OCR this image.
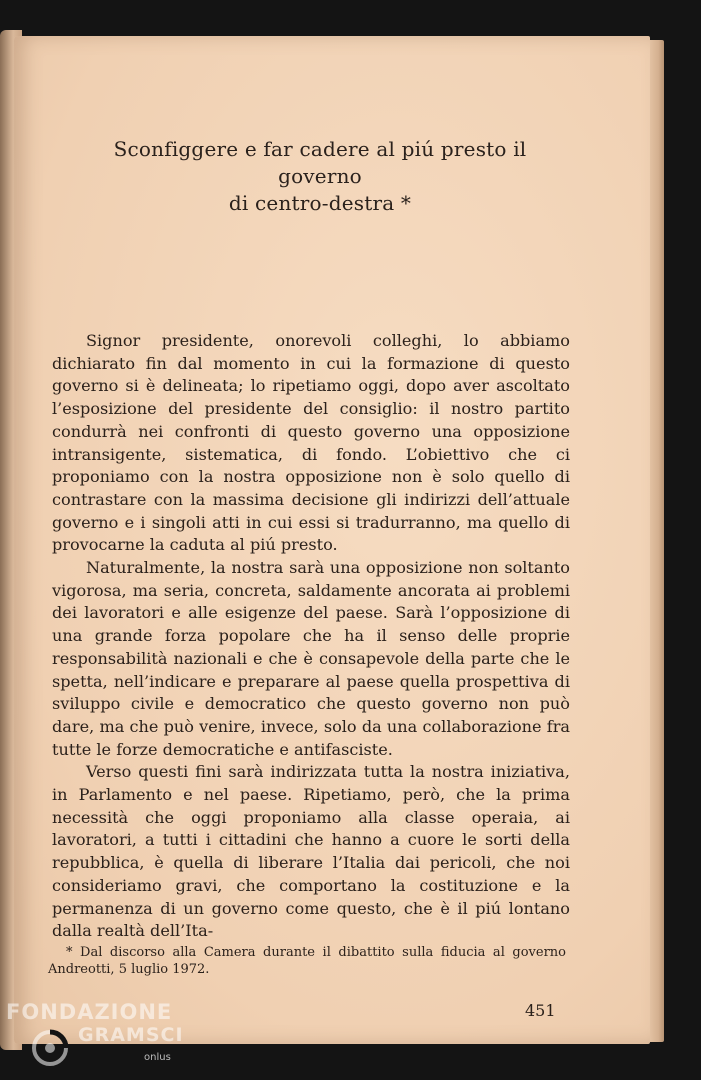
Sconfiggere e far cadere al piú presto il governo
di centro-destra *

Signor presidente, onorevoli colleghi, lo abbiamo dichiarato fin dal momento in cui la formazione di questo governo si è delineata; lo ripetiamo oggi, dopo aver ascoltato l’esposizione del presidente del consiglio: il nostro partito condurrà nei confronti di questo governo una opposizione intransigente, sistematica, di fondo. L’obiettivo che ci proponiamo con la nostra opposizione non è solo quello di contrastare con la massima decisione gli indirizzi dell’attuale governo e i singoli atti in cui essi si tradurranno, ma quello di provocarne la caduta al piú presto.

Naturalmente, la nostra sarà una opposizione non soltanto vigorosa, ma seria, concreta, saldamente ancorata ai problemi dei lavoratori e alle esigenze del paese. Sarà l’opposizione di una grande forza popolare che ha il senso delle proprie responsabilità nazionali e che è consapevole della parte che le spetta, nell’indicare e preparare al paese quella prospettiva di sviluppo civile e democratico che questo governo non può dare, ma che può venire, invece, solo da una collaborazione fra tutte le forze democratiche e antifasciste.

Verso questi fini sarà indirizzata tutta la nostra iniziativa, in Parlamento e nel paese. Ripetiamo, però, che la prima necessità che oggi proponiamo alla classe operaia, ai lavoratori, a tutti i cittadini che hanno a cuore le sorti della repubblica, è quella di liberare l’Italia dai pericoli, che noi consideriamo gravi, che comportano la costituzione e la permanenza di un governo come questo, che è il piú lontano dalla realtà dell’Ita-

* Dal discorso alla Camera durante il dibattito sulla fiducia al governo Andreotti, 5 luglio 1972.
451
FONDAZIONE
GRAMSCI
onlus
